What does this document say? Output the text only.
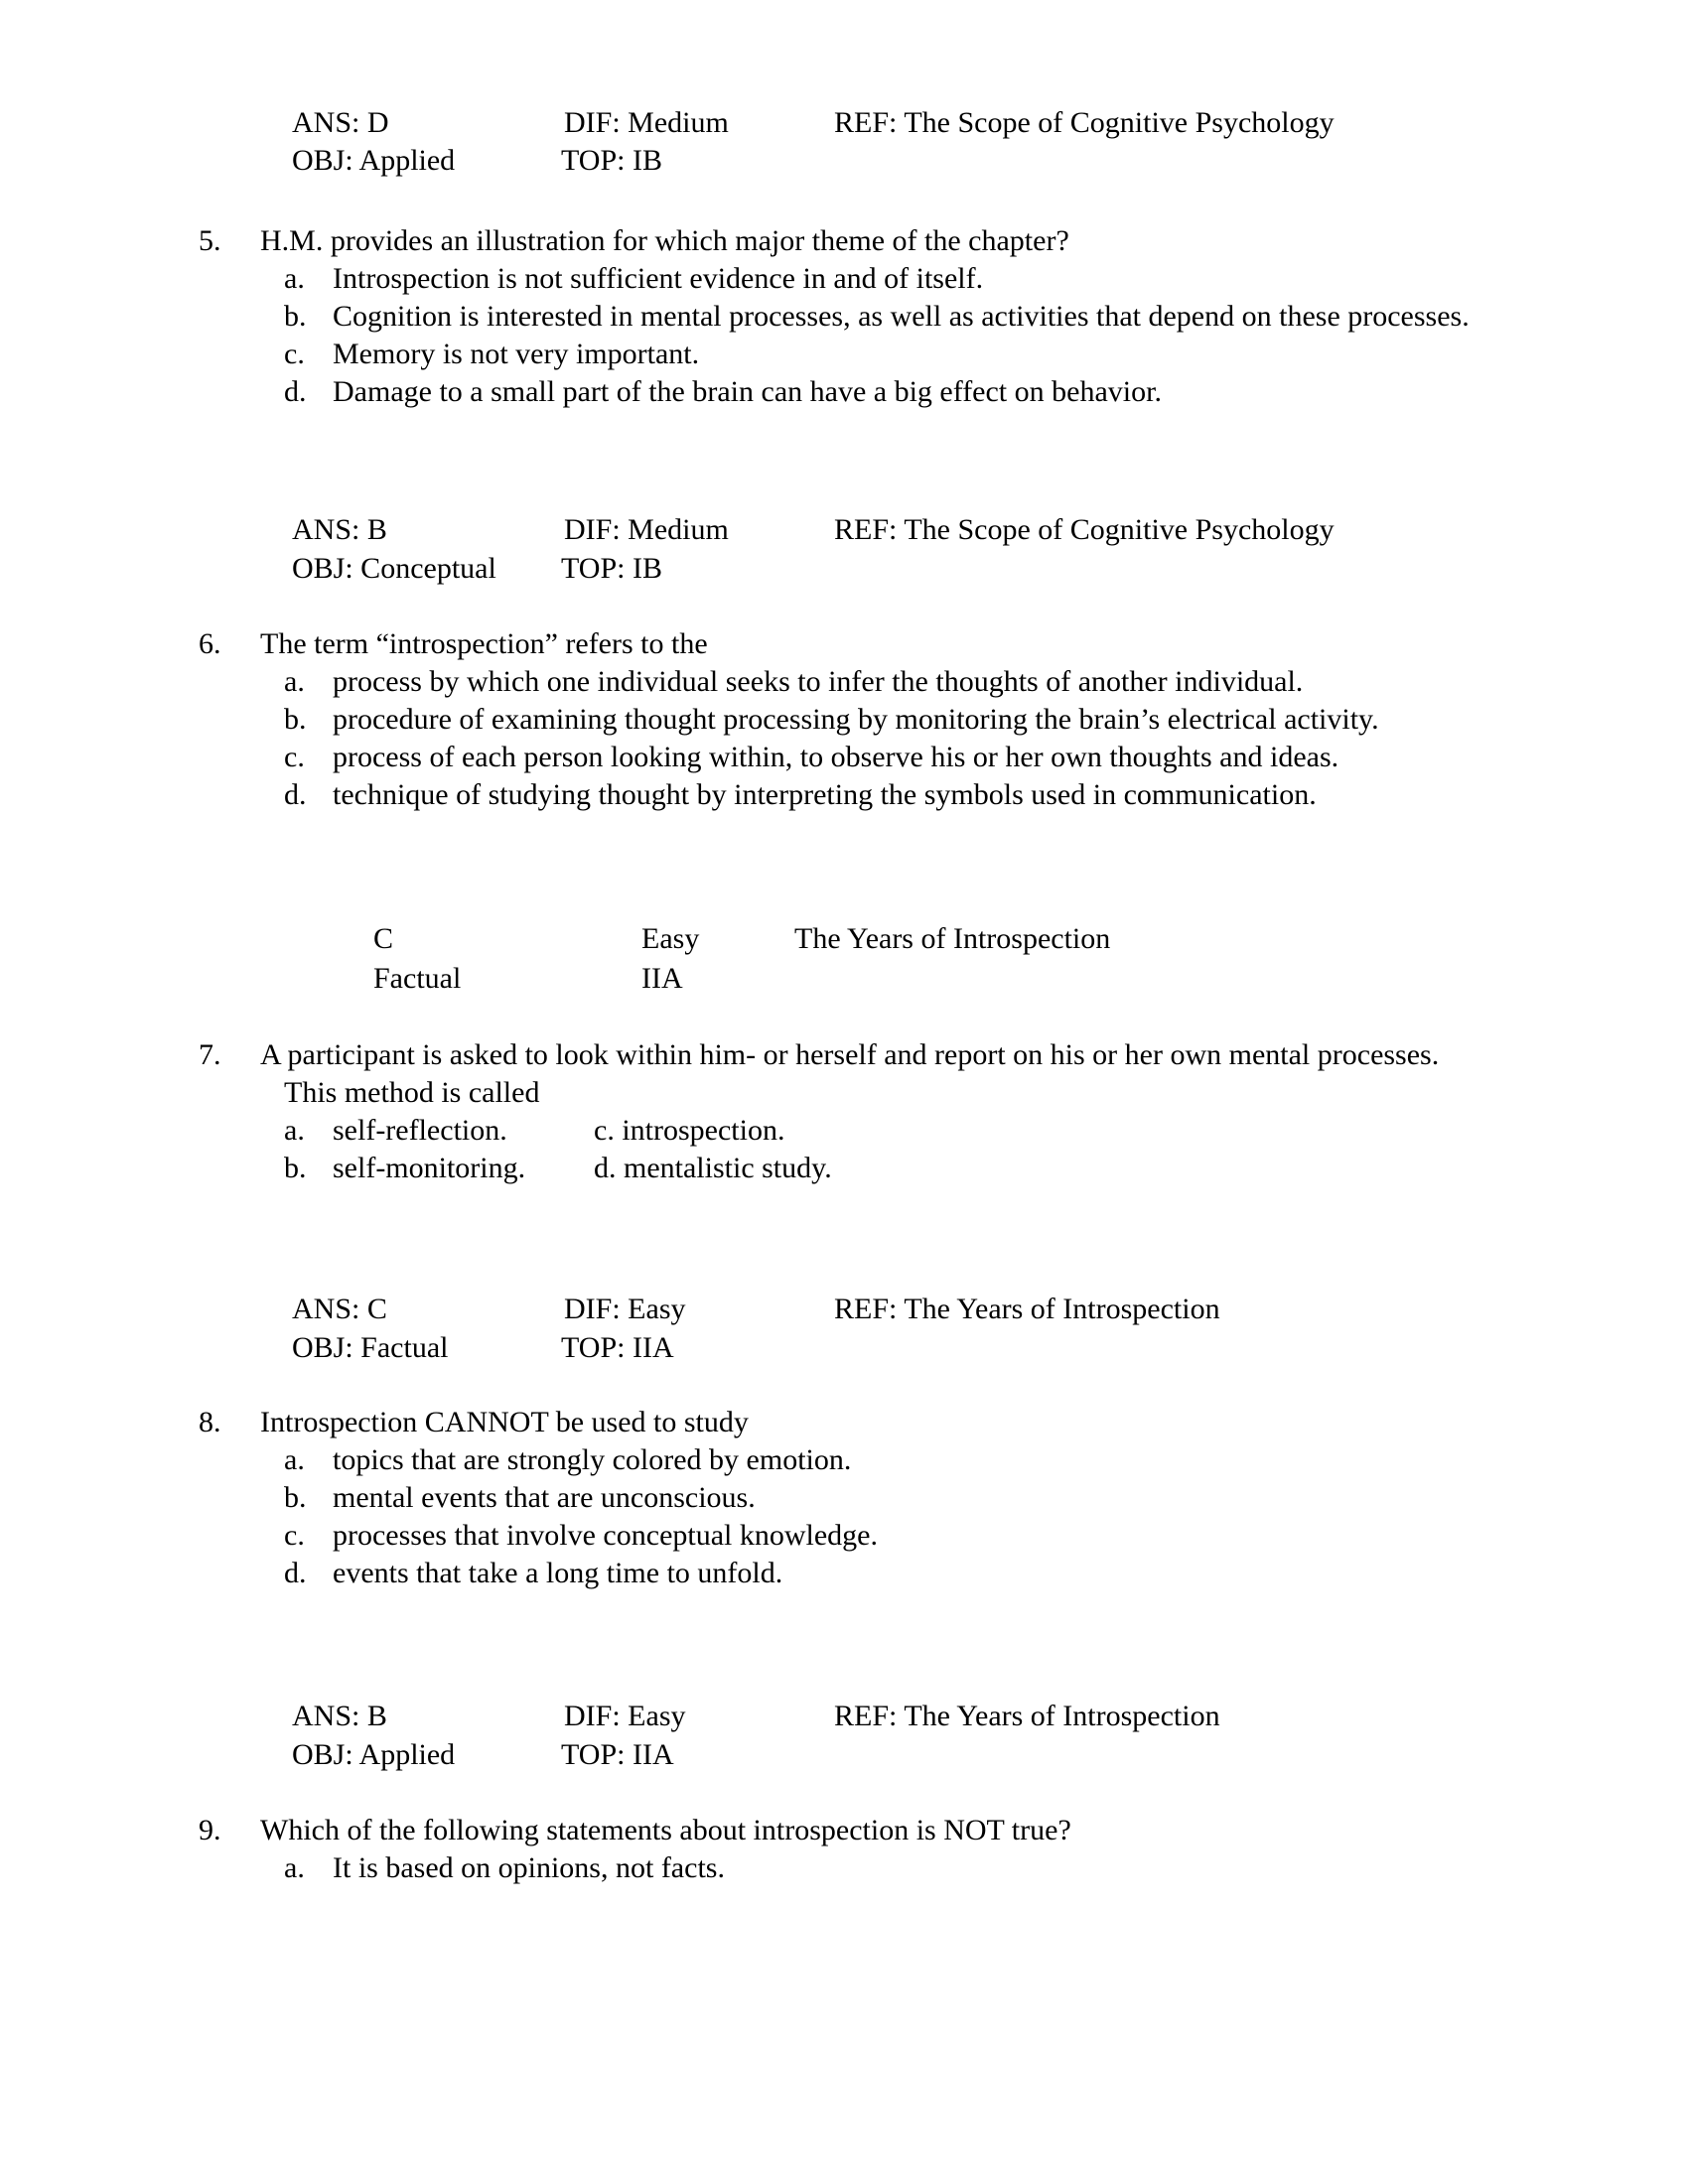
ANS: D	DIF: Medium	REF: The Scope of Cognitive Psychology
OBJ: Applied	TOP: IB
5. H.M. provides an illustration for which major theme of the chapter?
a. Introspection is not sufficient evidence in and of itself.
b. Cognition is interested in mental processes, as well as activities that depend on these processes.
c. Memory is not very important.
d. Damage to a small part of the brain can have a big effect on behavior.
ANS: B	DIF: Medium	REF: The Scope of Cognitive Psychology
OBJ: Conceptual TOP: IB
6. The term “introspection” refers to the
a. process by which one individual seeks to infer the thoughts of another individual.
b. procedure of examining thought processing by monitoring the brain’s electrical activity.
c. process of each person looking within, to observe his or her own thoughts and ideas.
d. technique of studying thought by interpreting the symbols used in communication.
C	Easy	The Years of Introspection
Factual	IIA
7. A participant is asked to look within him- or herself and report on his or her own mental processes.
This method is called
a. self-reflection.	c. introspection.
b. self-monitoring. d. mentalistic study.
ANS: C	DIF: Easy	REF: The Years of Introspection
OBJ: Factual	TOP: IIA
8. Introspection CANNOT be used to study
a. topics that are strongly colored by emotion.
b. mental events that are unconscious.
c. processes that involve conceptual knowledge.
d. events that take a long time to unfold.
ANS: B	DIF: Easy	REF: The Years of Introspection
OBJ: Applied	TOP: IIA
9. Which of the following statements about introspection is NOT true?
a. It is based on opinions, not facts.
